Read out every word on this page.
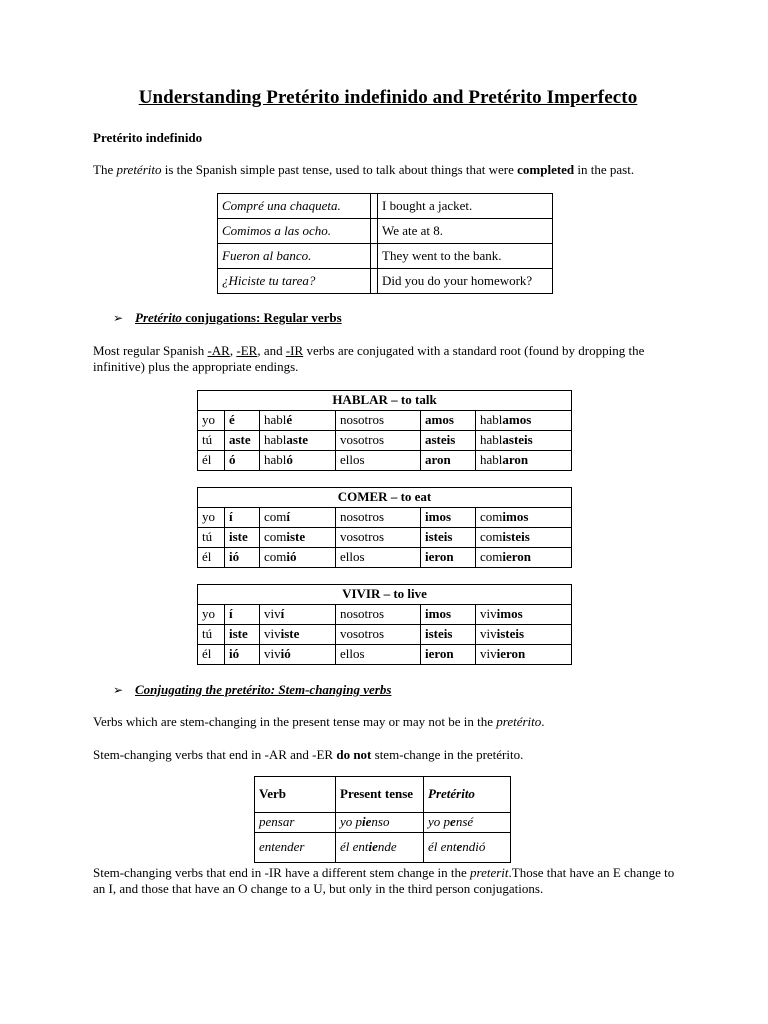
Understanding Pretérito indefinido and Pretérito Imperfecto
Pretérito indefinido

The pretérito is the Spanish simple past tense, used to talk about things that were completed in the past.

Compré una chaqueta.		I bought a jacket.
Comimos a las ocho.		We ate at 8.
Fueron al banco.		They went to the bank.
¿Hiciste tu tarea?		Did you do your homework?
➢ Pretérito conjugations: Regular verbs

Most regular Spanish -AR, -ER, and -IR verbs are conjugated with a standard root (found by dropping the infinitive) plus the appropriate endings.

HABLAR – to talk					
yo	é	hablé	nosotros	amos	hablamos
tú	aste	hablaste	vosotros	asteis	hablasteis
él	ó	habló	ellos	aron	hablaron
COMER – to eat					
yo	í	comí	nosotros	imos	comimos
tú	iste	comiste	vosotros	isteis	comisteis
él	ió	comió	ellos	ieron	comieron
VIVIR – to live					
yo	í	viví	nosotros	imos	vivimos
tú	iste	viviste	vosotros	isteis	vivisteis
él	ió	vivió	ellos	ieron	vivieron
➢ Conjugating the pretérito: Stem-changing verbs

Verbs which are stem-changing in the present tense may or may not be in the pretérito.

Stem-changing verbs that end in -AR and -ER do not stem-change in the pretérito.

Verb	Present tense	Pretérito
pensar	yo pienso	yo pensé
entender	él entiende	él entendió

Stem-changing verbs that end in -IR have a different stem change in the preterit.Those that have an E change to an I, and those that have an O change to a U, but only in the third person conjugations.
